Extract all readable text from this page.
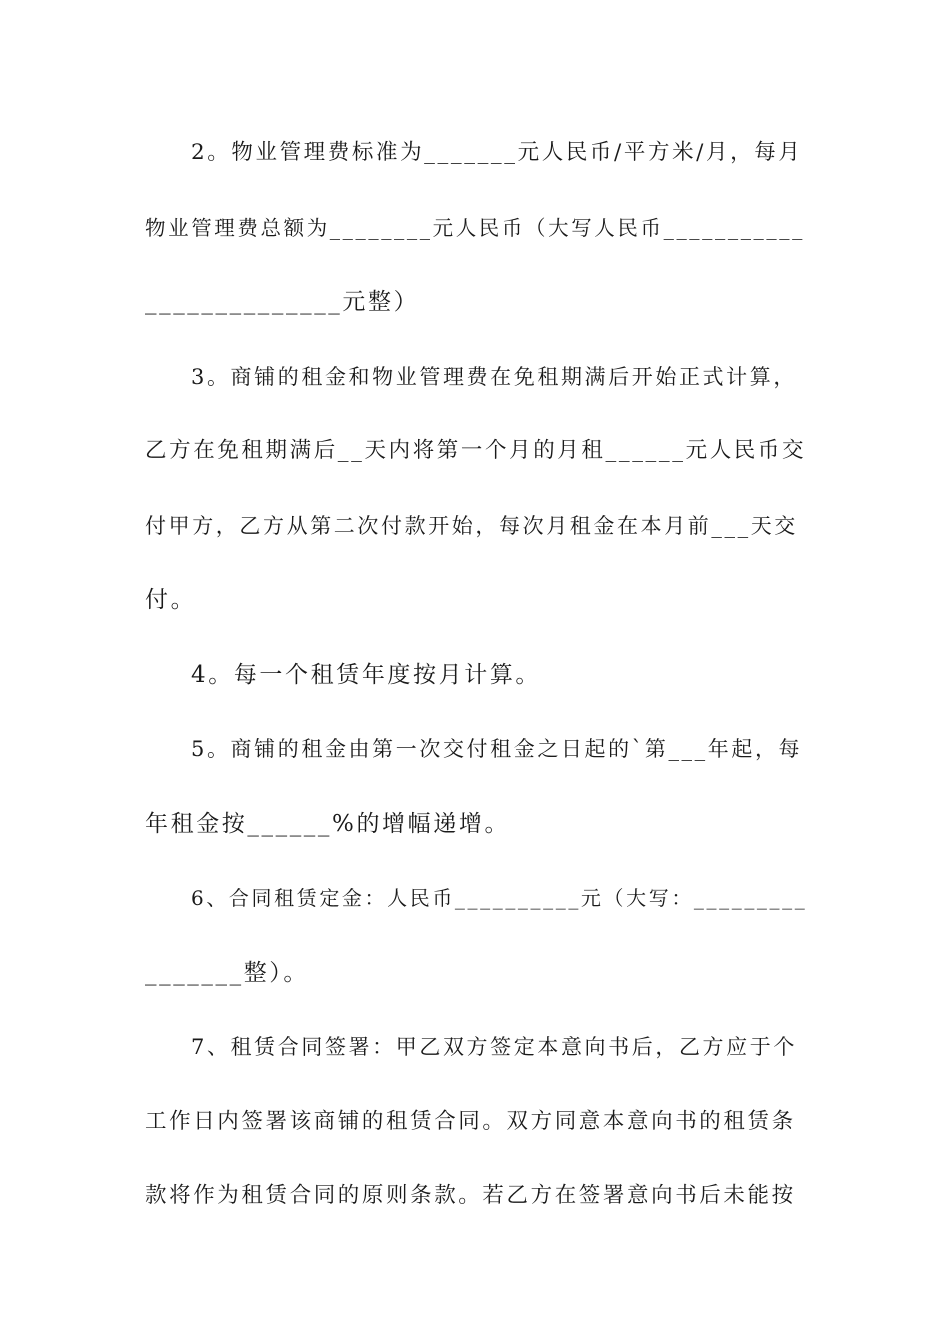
2。物业管理费标准为_______元人民币/平方米/月，每月
物业管理费总额为________元人民币（大写人民币___________
______________元整）
3。商铺的租金和物业管理费在免租期满后开始正式计算，
乙方在免租期满后__天内将第一个月的月租______元人民币交
付甲方，乙方从第二次付款开始，每次月租金在本月前___天交
付。
4。每一个租赁年度按月计算。
5。商铺的租金由第一次交付租金之日起的`第___年起，每
年租金按______%的增幅递增。
6、合同租赁定金：人民币__________元（大写：_________
_______整）。
7、租赁合同签署：甲乙双方签定本意向书后，乙方应于个
工作日内签署该商铺的租赁合同。双方同意本意向书的租赁条
款将作为租赁合同的原则条款。若乙方在签署意向书后未能按
